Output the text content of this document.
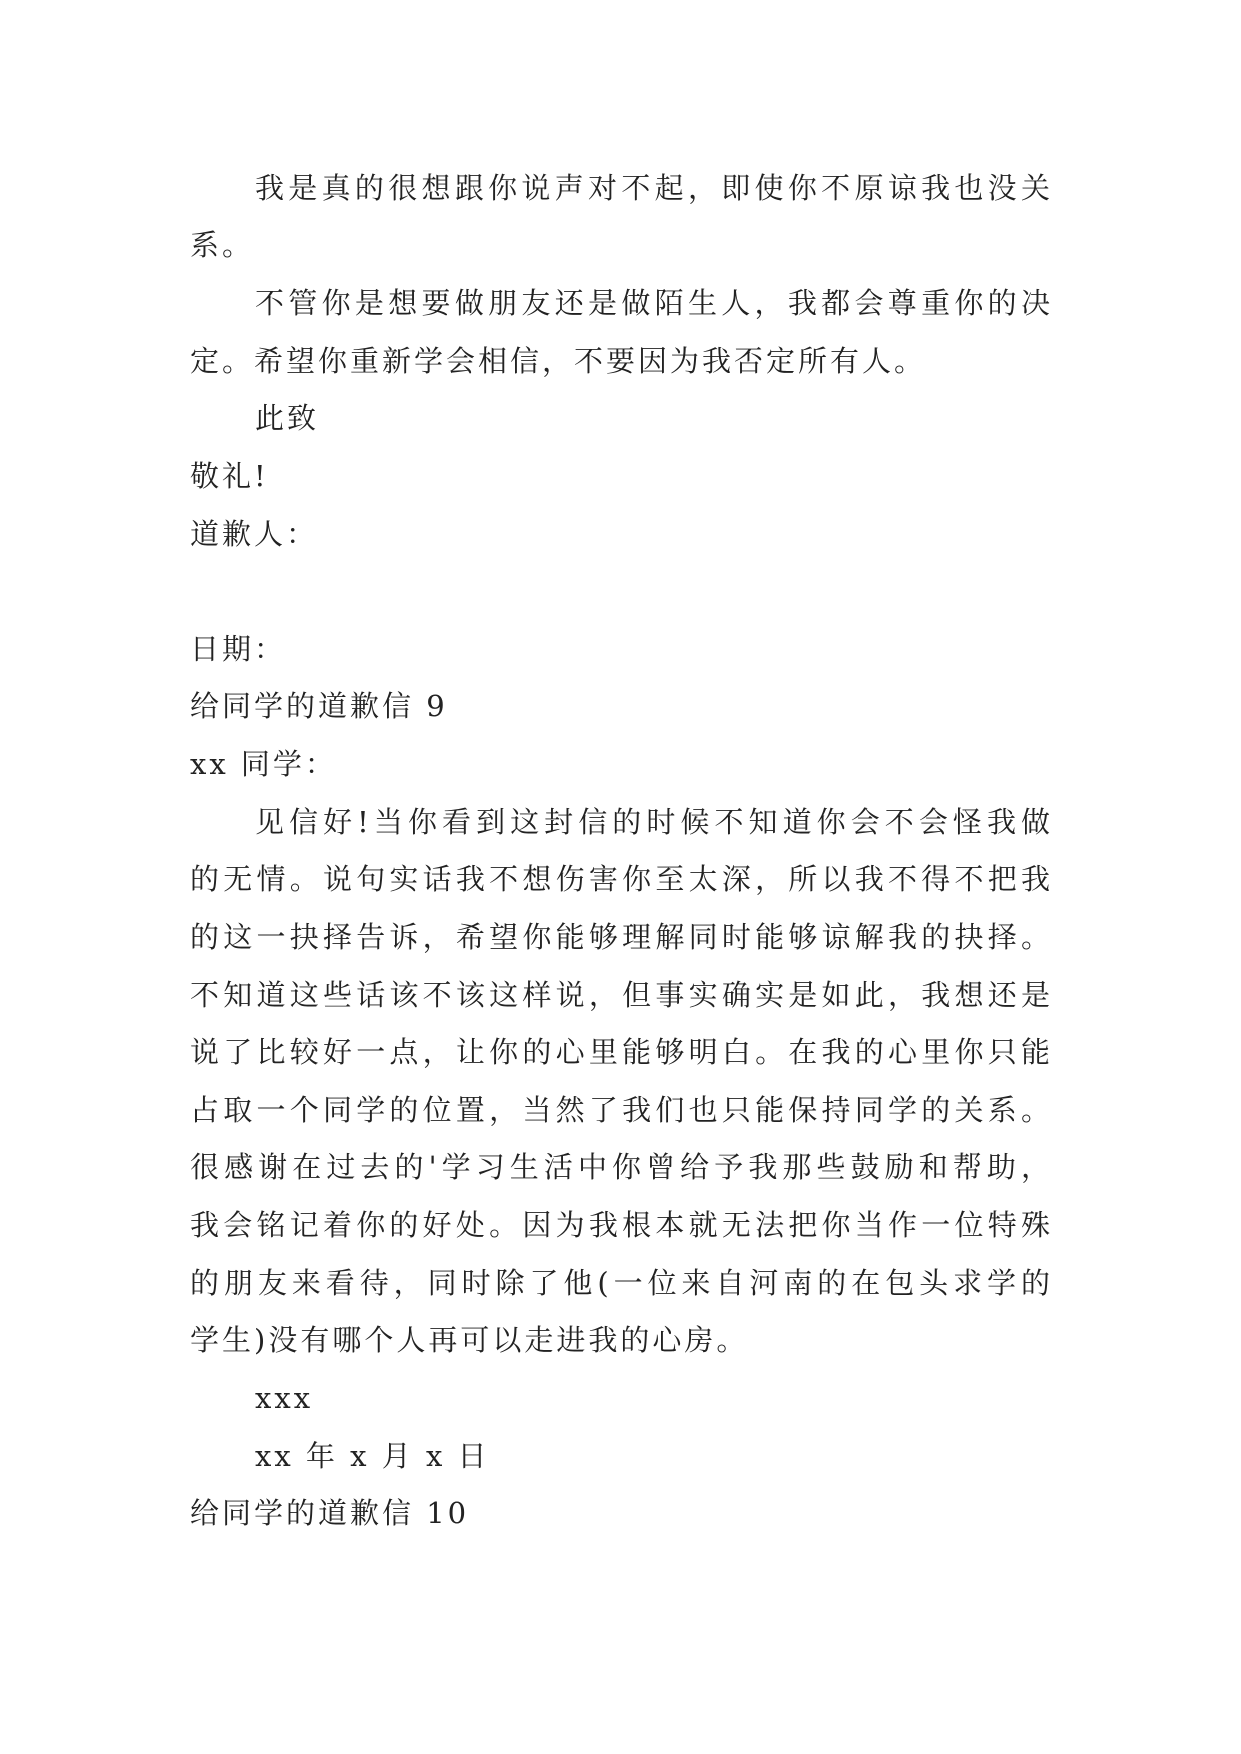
我是真的很想跟你说声对不起，即使你不原谅我也没关
系。
不管你是想要做朋友还是做陌生人，我都会尊重你的决
定。希望你重新学会相信，不要因为我否定所有人。
此致
敬礼!
道歉人：
日期：
给同学的道歉信 9
xx 同学：
见信好!当你看到这封信的时候不知道你会不会怪我做
的无情。说句实话我不想伤害你至太深，所以我不得不把我
的这一抉择告诉，希望你能够理解同时能够谅解我的抉择。
不知道这些话该不该这样说，但事实确实是如此，我想还是
说了比较好一点，让你的心里能够明白。在我的心里你只能
占取一个同学的位置，当然了我们也只能保持同学的关系。
很感谢在过去的'学习生活中你曾给予我那些鼓励和帮助，
我会铭记着你的好处。因为我根本就无法把你当作一位特殊
的朋友来看待，同时除了他(一位来自河南的在包头求学的
学生)没有哪个人再可以走进我的心房。
xxx
xx 年 x 月 x 日
给同学的道歉信 10
